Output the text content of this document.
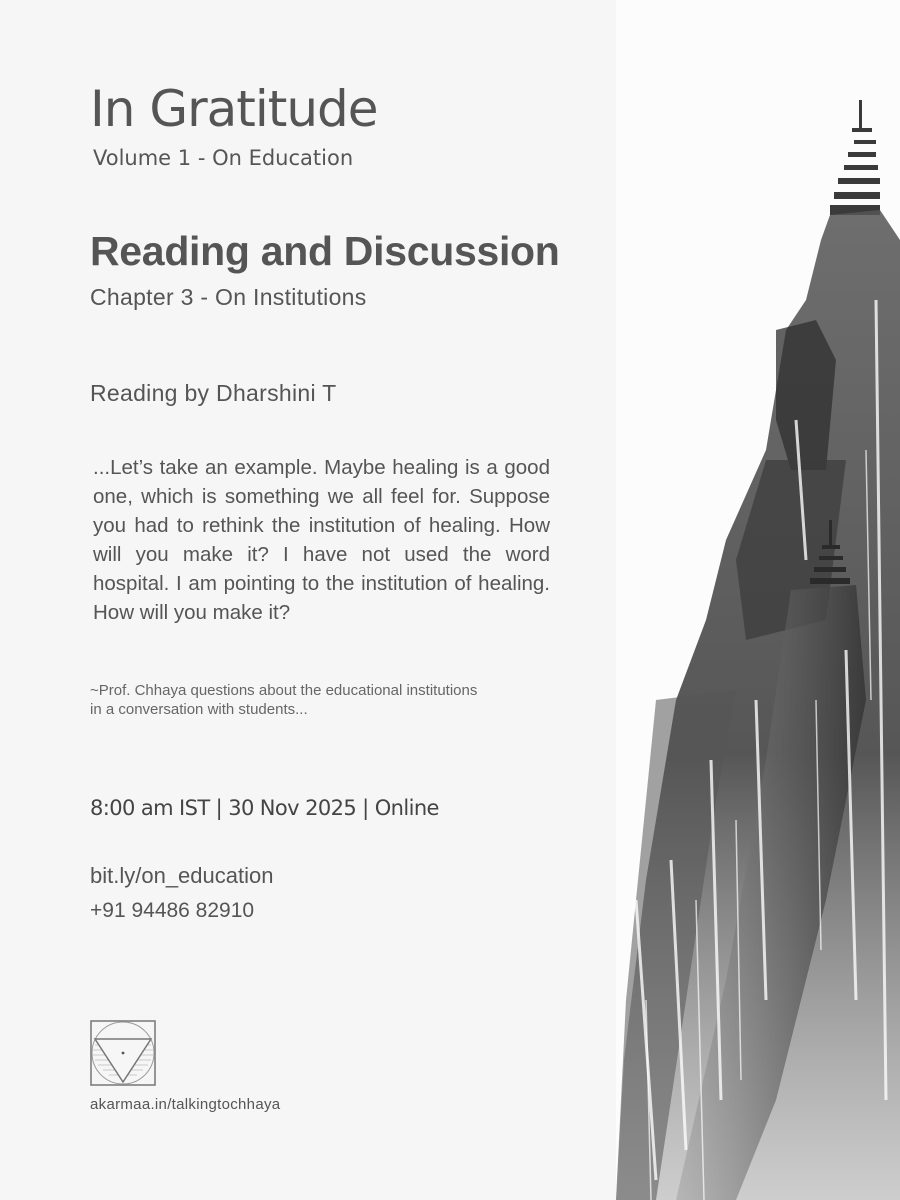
In Gratitude
Volume 1 - On Education
Reading and Discussion
Chapter 3 - On Institutions
Reading by Dharshini T

...Let’s take an example. Maybe healing is a good one, which is something we all feel for. Suppose you had to rethink the institution of healing. How will you make it? I have not used the word hospital. I am pointing to the institution of healing. How will you make it?

~Prof. Chhaya questions about the educational institutions in a conversation with students...

8:00 am IST | 30 Nov 2025 | Online
bit.ly/on_education
+91 94486 82910
akarmaa.in/talkingtochhaya
